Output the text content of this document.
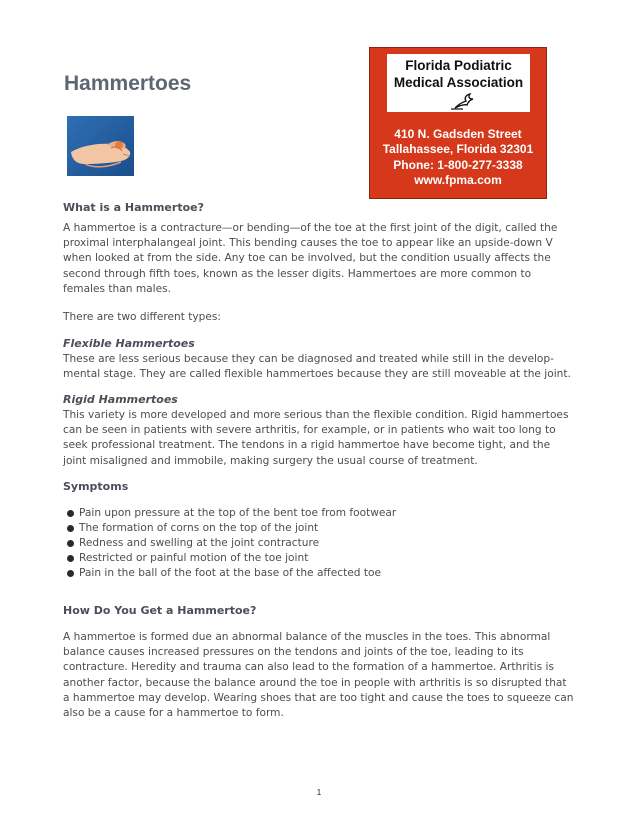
Hammertoes
Florida Podiatric
Medical Association
410 N. Gadsden Street
Tallahassee, Florida 32301
Phone: 1-800-277-3338
www.fpma.com
What is a Hammertoe?

A hammertoe is a contracture—or bending—of the toe at the first joint of the digit, called the
proximal interphalangeal joint. This bending causes the toe to appear like an upside-down V
when looked at from the side. Any toe can be involved, but the condition usually affects the
second through fifth toes, known as the lesser digits. Hammertoes are more common to
females than males.

There are two different types:

Flexible Hammertoes

These are less serious because they can be diagnosed and treated while still in the develop-
mental stage. They are called flexible hammertoes because they are still moveable at the joint.

Rigid Hammertoes

This variety is more developed and more serious than the flexible condition. Rigid hammertoes
can be seen in patients with severe arthritis, for example, or in patients who wait too long to
seek professional treatment. The tendons in a rigid hammertoe have become tight, and the
joint misaligned and immobile, making surgery the usual course of treatment.

Symptoms
Pain upon pressure at the top of the bent toe from footwear
The formation of corns on the top of the joint
Redness and swelling at the joint contracture
Restricted or painful motion of the toe joint
Pain in the ball of the foot at the base of the affected toe
How Do You Get a Hammertoe?

A hammertoe is formed due an abnormal balance of the muscles in the toes. This abnormal
balance causes increased pressures on the tendons and joints of the toe, leading to its
contracture. Heredity and trauma can also lead to the formation of a hammertoe. Arthritis is
another factor, because the balance around the toe in people with arthritis is so disrupted that
a hammertoe may develop. Wearing shoes that are too tight and cause the toes to squeeze can
also be a cause for a hammertoe to form.

1
